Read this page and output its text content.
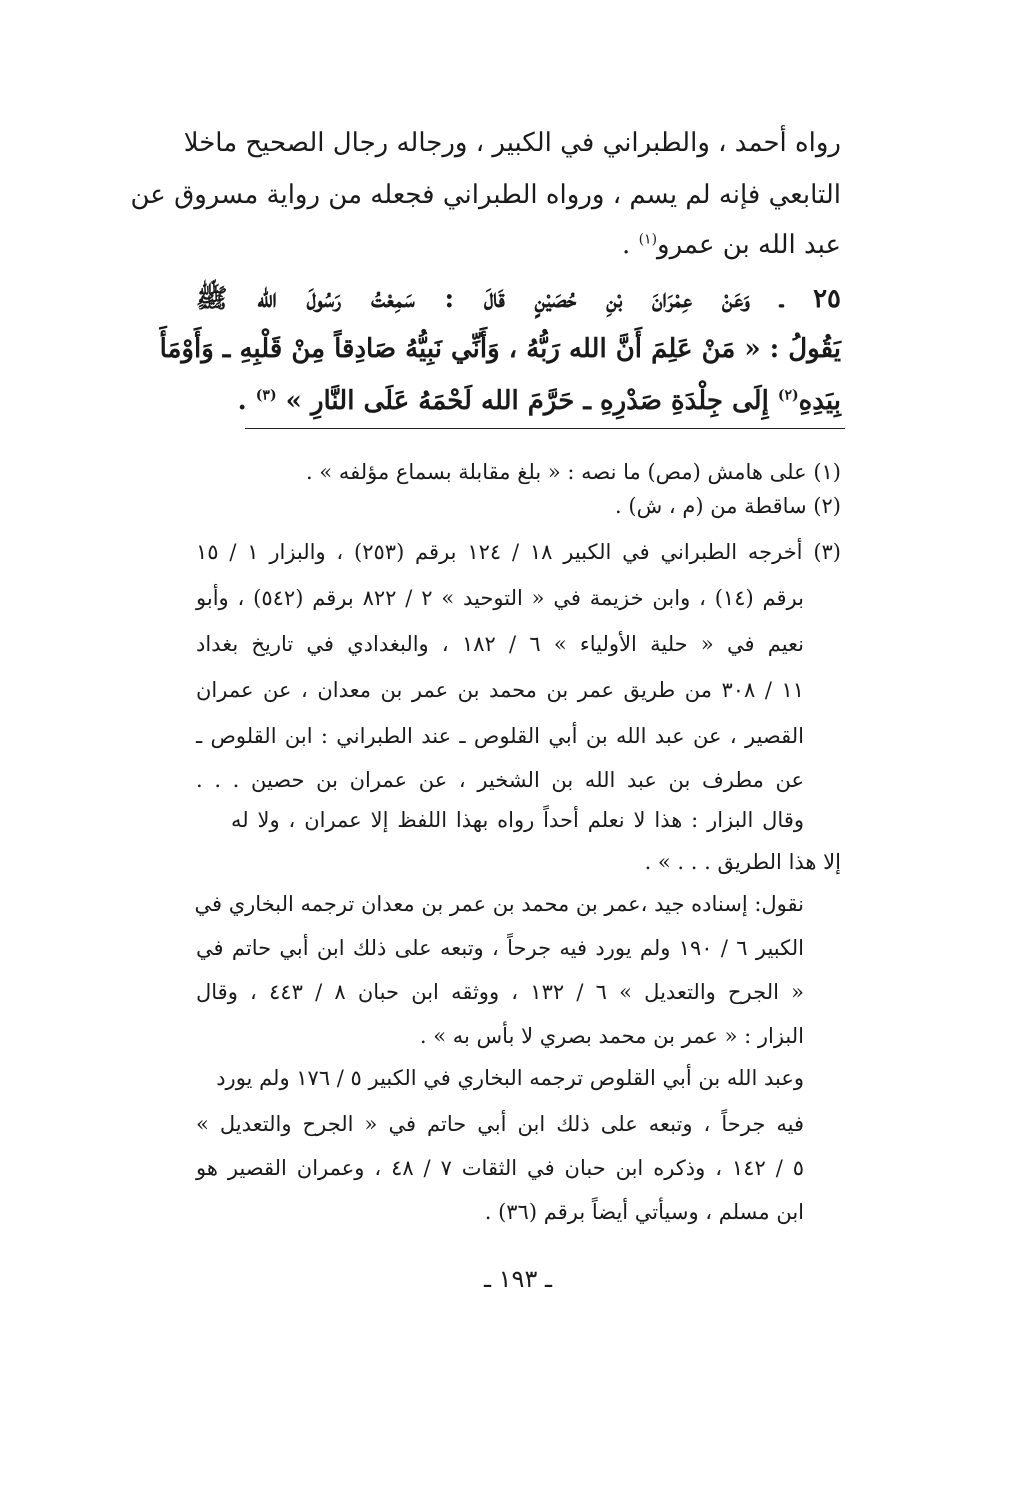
رواه أحمد ، والطبراني في الكبير ، ورجاله رجال الصحيح ماخلا
التابعي فإنه لم يسم ، ورواه الطبراني فجعله من رواية مسروق عن
عبد الله بن عمرو$^{(١)}$ .
٢٥ ـ وَعَنْ عِمْرَانَ بْنِ حُصَيْنٍ قَالَ : سَمِعْتُ رَسُولَ الله ﷺ
يَقُولُ : « مَنْ عَلِمَ أَنَّ الله رَبُّهُ ، وَأَنِّي نَبِيُّهُ صَادِقاً مِنْ قَلْبِهِ ـ وَأَوْمَأَ
بِيَدِهِ$^{(٢)}$ إِلَى جِلْدَةِ صَدْرِهِ ـ حَرَّمَ الله لَحْمَهُ عَلَى النَّارِ » $^{(٣)}$ .
(١) على هامش (مص) ما نصه : « بلغ مقابلة بسماع مؤلفه » .
(٢) ساقطة من (م ، ش) .
(٣) أخرجه الطبراني في الكبير ١٨ / ١٢٤ برقم (٢٥٣) ، والبزار ١ / ١٥
برقم (١٤) ، وابن خزيمة في « التوحيد » ٢ / ٨٢٢ برقم (٥٤٢) ، وأبو
نعيم في « حلية الأولياء » ٦ / ١٨٢ ، والبغدادي في تاريخ بغداد
١١ / ٣٠٨ من طريق عمر بن محمد بن عمر بن معدان ، عن عمران
القصير ، عن عبد الله بن أبي القلوص ـ عند الطبراني : ابن القلوص ـ
عن مطرف بن عبد الله بن الشخير ، عن عمران بن حصين . . .
وقال البزار : هذا لا نعلم أحداً رواه بهذا اللفظ إلا عمران ، ولا له
إلا هذا الطريق . . . » .
نقول: إسناده جيد ،عمر بن محمد بن عمر بن معدان ترجمه البخاري في
الكبير ٦ / ١٩٠ ولم يورد فيه جرحاً ، وتبعه على ذلك ابن أبي حاتم في
« الجرح والتعديل » ٦ / ١٣٢ ، ووثقه ابن حبان ٨ / ٤٤٣ ، وقال
البزار : « عمر بن محمد بصري لا بأس به » .
وعبد الله بن أبي القلوص ترجمه البخاري في الكبير ٥ / ١٧٦ ولم يورد
فيه جرحاً ، وتبعه على ذلك ابن أبي حاتم في « الجرح والتعديل »
٥ / ١٤٢ ، وذكره ابن حبان في الثقات ٧ / ٤٨ ، وعمران القصير هو
ابن مسلم ، وسيأتي أيضاً برقم (٣٦) .
ـ ١٩٣ ـ
